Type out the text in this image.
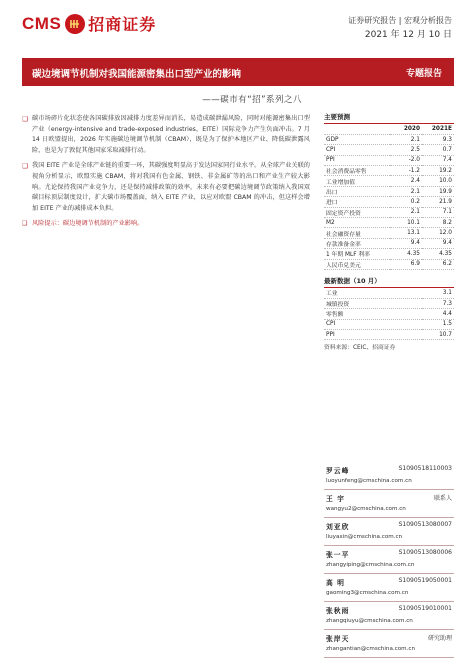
CMS 招商证券	证券研究报告 | 宏观分析报告
2021 年 12 月 10 日
碳边境调节机制对我国能源密集出口型产业的影响	专题报告
——碳市有“招”系列之八
❑ 碳市场碎片化状态使各国碳排放因减排力度差异而消长，易造成碳泄漏风险，同时对能源密集出口型产业（energy-intensive and trade-exposed industries，EITE）国际竞争力产生负面冲击。7 月 14 日欧盟提出，2026 年实施碳边境调节机制（CBAM），既是为了保护本地区产业、降低碳泄露风险，也是为了敦促其他国家采取减排行动。
❑ 我国 EITE 产业是全球产业链的重要一环，其碳强度明显高于发达国家同行业水平。从全球产业关联的视角分析显示，欧盟实施 CBAM，将对我国有色金属、钢铁、非金属矿等的出口和产业生产较大影响。尤论保持我国产业竞争力，还是保持减排政策的效率，未来有必要把碳边境调节政策纳入我国双碳目标顶层制度设计，扩大碳市场覆盖面，纳入 EITE 产业，以应对欧盟 CBAM 的冲击，但这样会增加 EITE 产业的减排成本负担。
❑ 风险提示：碳边境调节机制的产业影响。
主要预测
	2020	2021E
GDP	2.1	9.3
CPI	2.5	0.7
PPI	-2.0	7.4
社会消费品零售	-1.2	19.2
工业增加值	2.4	10.0
出口	2.1	19.9
进口	0.2	21.9
固定资产投资	2.1	7.1
M2	10.1	8.2
社会融资存量	13.1	12.0
存款准备金率	9.4	9.4
1 年期 MLF 利率	4.35	4.35
人民币兑美元	6.9	6.2
最新数据（10 月）
工业	3.1
城镇投资	7.3
零售额	4.4
CPI	1.5
PPI	10.7
资料来源：CEIC、招商证券
罗云峰	S1090518110003
luoyunfeng@cmschina.com.cn
王 宇	联系人
wangyu2@cmschina.com.cn
刘亚欣	S1090513080007
liuyaxin@cmschina.com.cn
张一平	S1090513080006
zhangyiping@cmschina.com.cn
高 明	S1090519050001
gaoming3@cmschina.com.cn
张秋雨	S1090519010001
zhangqiuyu@cmschina.com.cn
张岸天	研究助理
zhangantian@cmschina.com.cn
